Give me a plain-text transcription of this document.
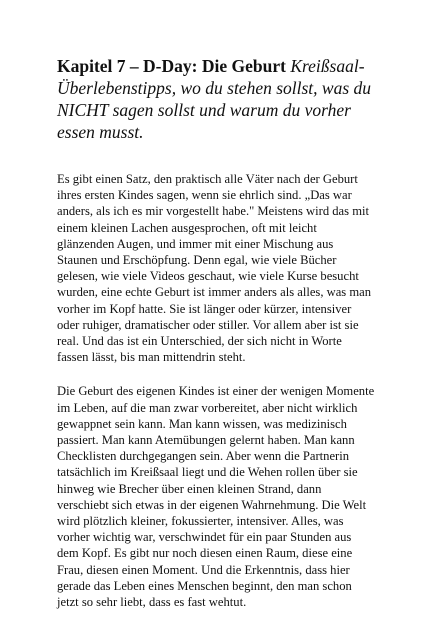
Kapitel 7 – D-Day: Die Geburt Kreißsaal-Überlebenstipps, wo du stehen sollst, was du NICHT sagen sollst und warum du vorher essen musst.

Es gibt einen Satz, den praktisch alle Väter nach der Geburt ihres ersten Kindes sagen, wenn sie ehrlich sind. „Das war anders, als ich es mir vorgestellt habe." Meistens wird das mit einem kleinen Lachen ausgesprochen, oft mit leicht glänzenden Augen, und immer mit einer Mischung aus Staunen und Erschöpfung. Denn egal, wie viele Bücher gelesen, wie viele Videos geschaut, wie viele Kurse besucht wurden, eine echte Geburt ist immer anders als alles, was man vorher im Kopf hatte. Sie ist länger oder kürzer, intensiver oder ruhiger, dramatischer oder stiller. Vor allem aber ist sie real. Und das ist ein Unterschied, der sich nicht in Worte fassen lässt, bis man mittendrin steht.

Die Geburt des eigenen Kindes ist einer der wenigen Momente im Leben, auf die man zwar vorbereitet, aber nicht wirklich gewappnet sein kann. Man kann wissen, was medizinisch passiert. Man kann Atemübungen gelernt haben. Man kann Checklisten durchgegangen sein. Aber wenn die Partnerin tatsächlich im Kreißsaal liegt und die Wehen rollen über sie hinweg wie Brecher über einen kleinen Strand, dann verschiebt sich etwas in der eigenen Wahrnehmung. Die Welt wird plötzlich kleiner, fokussierter, intensiver. Alles, was vorher wichtig war, verschwindet für ein paar Stunden aus dem Kopf. Es gibt nur noch diesen einen Raum, diese eine Frau, diesen einen Moment. Und die Erkenntnis, dass hier gerade das Leben eines Menschen beginnt, den man schon jetzt so sehr liebt, dass es fast wehtut.
